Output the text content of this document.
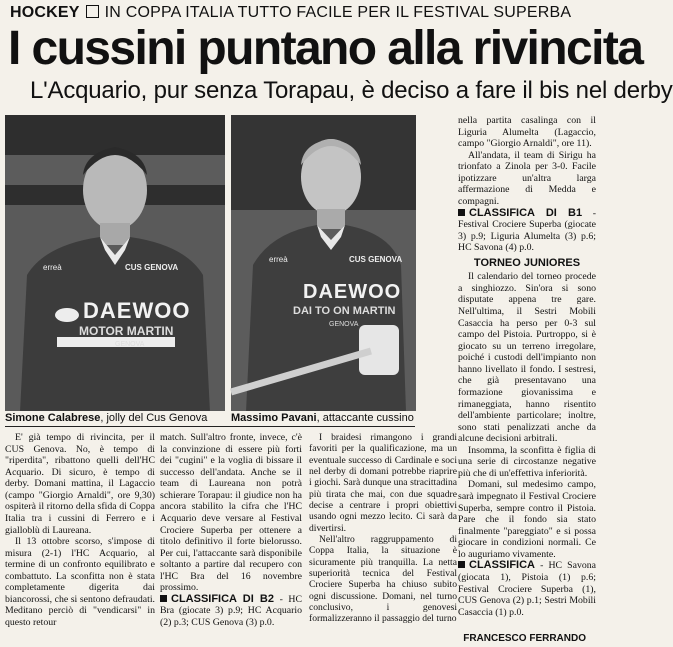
HOCKEY IN COPPA ITALIA TUTTO FACILE PER IL FESTIVAL SUPERBA
I cussini puntano alla rivincita
L'Acquario, pur senza Torapau, è deciso a fare il bis nel derby
CUS GENOVA
erreà
DAEWOO
MOTOR MARTIN
GENOVA
Simone Calabrese, jolly del Cus Genova
CUS GENOVA
erreà
DAEWOO
DAI TO ON MARTIN
GENOVA
Massimo Pavani, attaccante cussino

E' già tempo di rivincita, per il CUS Genova. No, è tempo di "riperdita", ribattono quelli dell'HC Acquario. Di sicuro, è tempo di derby. Domani mattina, il Lagaccio (campo "Giorgio Arnaldi", ore 9,30) ospiterà il ritorno della sfida di Coppa Italia tra i cussini di Ferrero e i gialloblù di Laureana.

Il 13 ottobre scorso, s'impose di misura (2-1) l'HC Acquario, al termine di un confronto equilibrato e combattuto. La sconfitta non è stata completamente digerita dai biancorossi, che si sentono defraudati. Meditano perciò di "vendicarsi" in questo retour

match. Sull'altro fronte, invece, c'è la convinzione di essere più forti dei "cugini" e la voglia di bissare il successo dell'andata. Anche se il team di Laureana non potrà schierare Torapau: il giudice non ha ancora stabilito la cifra che l'HC Acquario deve versare al Festival Crociere Superba per ottenere a titolo definitivo il forte bielorusso. Per cui, l'attaccante sarà disponibile soltanto a partire dal recupero con l'HC Bra del 16 novembre prossimo.

CLASSIFICA DI B2 - HC Bra (giocate 3) p.9; HC Acquario (2) p.3; CUS Genova (3) p.0.

I braidesi rimangono i grandi favoriti per la qualificazione, ma un eventuale successo di Cardinale e soci nel derby di domani potrebbe riaprire i giochi. Sarà dunque una stracittadina più tirata che mai, con due squadre decise a centrare i propri obiettivi usando ogni mezzo lecito. Ci sarà da divertirsi.

Nell'altro raggruppamento di Coppa Italia, la situazione è sicuramente più tranquilla. La netta superiorità tecnica del Festival Crociere Superba ha chiuso subito ogni discussione. Domani, nel turno conclusivo, i genovesi formalizzeranno il passaggio del turno

nella partita casalinga con il Liguria Alumelta (Lagaccio, campo "Giorgio Arnaldi", ore 11).

All'andata, il team di Sirigu ha trionfato a Zinola per 3-0. Facile ipotizzare un'altra larga affermazione di Medda e compagni.

CLASSIFICA DI B1 - Festival Crociere Superba (giocate 3) p.9; Liguria Alumelta (3) p.6; HC Savona (4) p.0.

TORNEO JUNIORES

Il calendario del torneo procede a singhiozzo. Sin'ora si sono disputate appena tre gare. Nell'ultima, il Sestri Mobili Casaccia ha perso per 0-3 sul campo del Pistoia. Purtroppo, si è giocato su un terreno irregolare, poiché i custodi dell'impianto non hanno livellato il fondo. I sestresi, che già presentavano una formazione giovanissima e rimaneggiata, hanno risentito dell'ambiente particolare; inoltre, sono stati penalizzati anche da alcune decisioni arbitrali.

Insomma, la sconfitta è figlia di una serie di circostanze negative più che di un'effettiva inferiorità.

Domani, sul medesimo campo, sarà impegnato il Festival Crociere Superba, sempre contro il Pistoia. Pare che il fondo sia stato finalmente "pareggiato" e si possa giocare in condizioni normali. Ce lo auguriamo vivamente.

CLASSIFICA - HC Savona (giocata 1), Pistoia (1) p.6; Festival Crociere Superba (1), CUS Genova (2) p.1; Sestri Mobili Casaccia (1) p.0.

FRANCESCO FERRANDO
